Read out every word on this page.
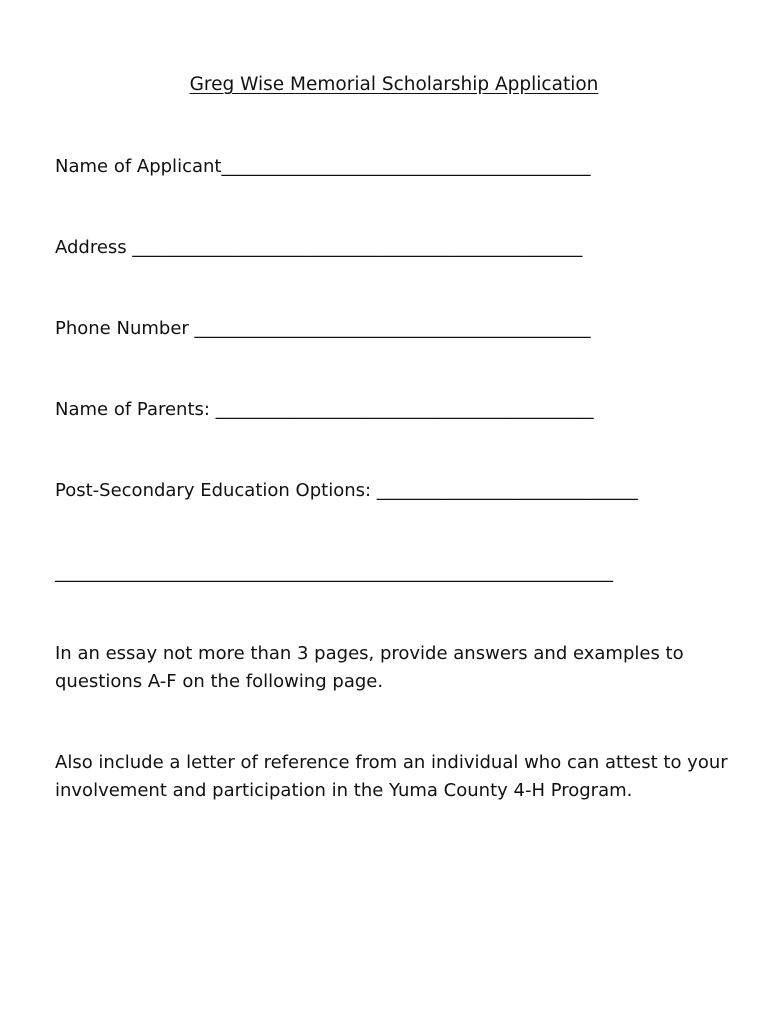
Greg Wise Memorial Scholarship Application
Name of Applicant_________________________________________
Address __________________________________________________
Phone Number ____________________________________________
Name of Parents: __________________________________________
Post-Secondary Education Options: _____________________________
______________________________________________________________
In an essay not more than 3 pages, provide answers and examples to questions A-F on the following page.
Also include a letter of reference from an individual who can attest to your involvement and participation in the Yuma County 4-H Program.
